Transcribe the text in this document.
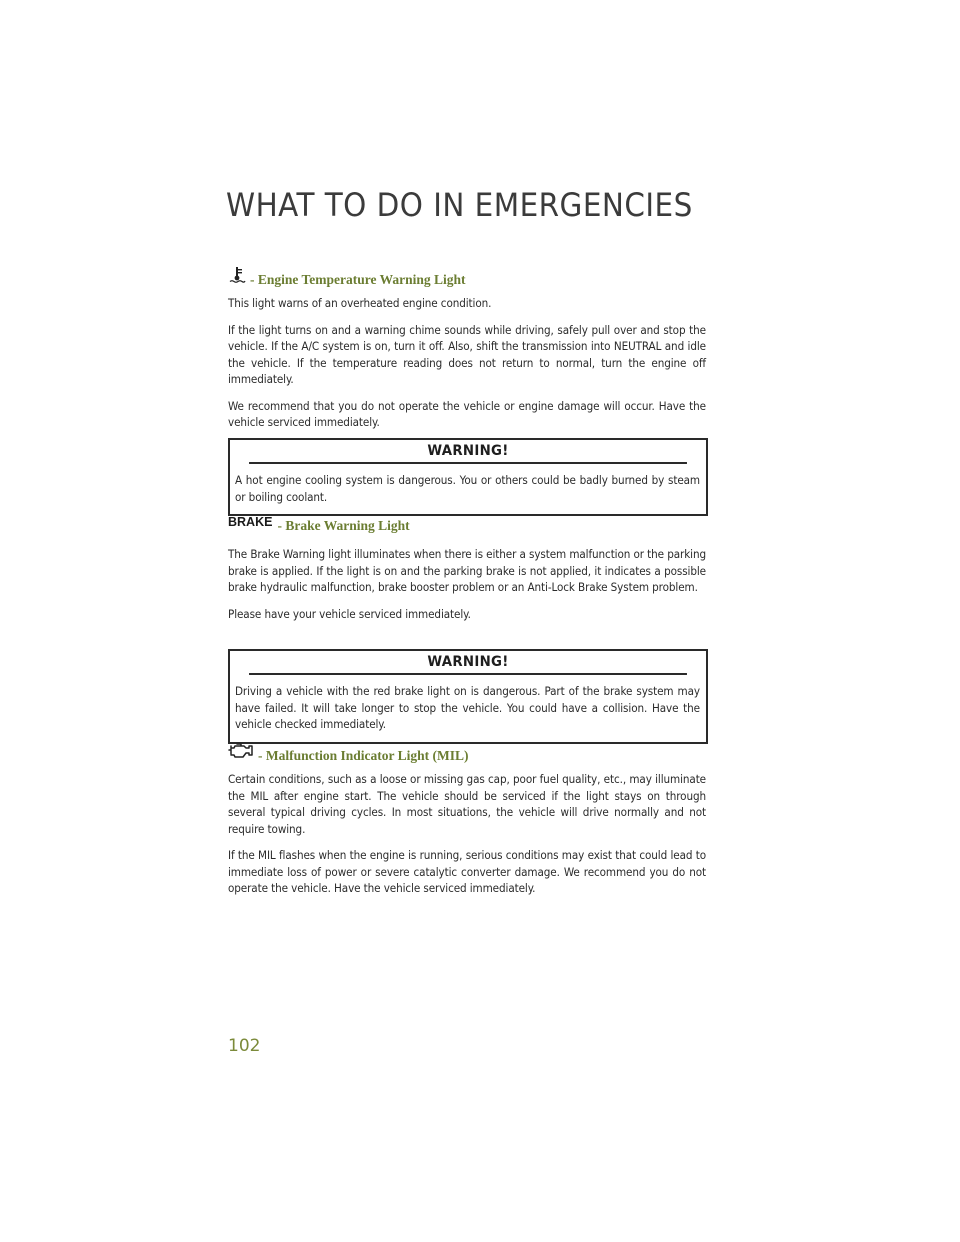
WHAT TO DO IN EMERGENCIES
- Engine Temperature Warning Light

This light warns of an overheated engine condition.

If the light turns on and a warning chime sounds while driving, safely pull over and stop the vehicle. If the A/C system is on, turn it off. Also, shift the transmission into NEUTRAL and idle the vehicle. If the temperature reading does not return to normal, turn the engine off immediately.

We recommend that you do not operate the vehicle or engine damage will occur. Have the vehicle serviced immediately.

WARNING!

A hot engine cooling system is dangerous. You or others could be badly burned by steam or boiling coolant.

BRAKE - Brake Warning Light

The Brake Warning light illuminates when there is either a system malfunction or the parking brake is applied. If the light is on and the parking brake is not applied, it indicates a possible brake hydraulic malfunction, brake booster problem or an Anti-Lock Brake System problem.

Please have your vehicle serviced immediately.

WARNING!

Driving a vehicle with the red brake light on is dangerous. Part of the brake system may have failed. It will take longer to stop the vehicle. You could have a collision. Have the vehicle checked immediately.

- Malfunction Indicator Light (MIL)

Certain conditions, such as a loose or missing gas cap, poor fuel quality, etc., may illuminate the MIL after engine start. The vehicle should be serviced if the light stays on through several typical driving cycles. In most situations, the vehicle will drive normally and not require towing.

If the MIL flashes when the engine is running, serious conditions may exist that could lead to immediate loss of power or severe catalytic converter damage. We recommend you do not operate the vehicle. Have the vehicle serviced immediately.

102
